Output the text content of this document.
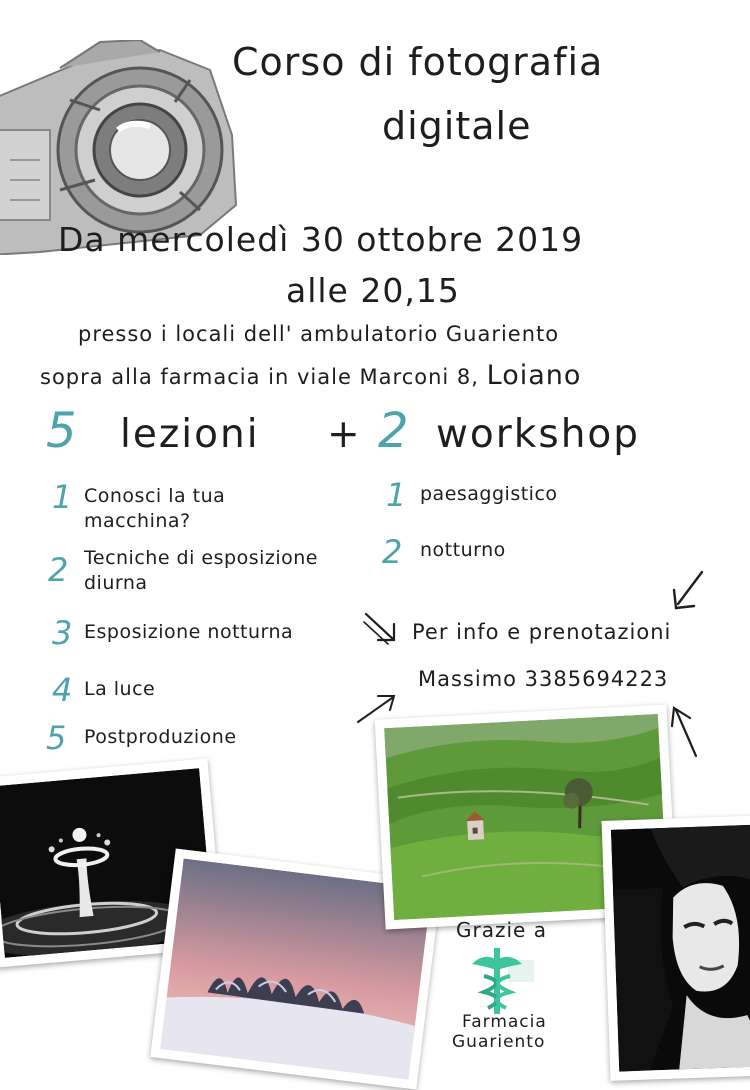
Corso di fotografia
digitale
Da mercoledì 30 ottobre 2019
alle 20,15
presso i locali dell' ambulatorio Guariento
sopra alla farmacia in viale Marconi 8, Loiano
5 lezioni + 2 workshop
1 Conosci la tua macchina?
2 Tecniche di esposizione diurna
3 Esposizione notturna
4 La luce
5 Postproduzione
1 paesaggistico
2 notturno
Per info e prenotazioni
Massimo 3385694223
Grazie a
Farmacia
Guariento
